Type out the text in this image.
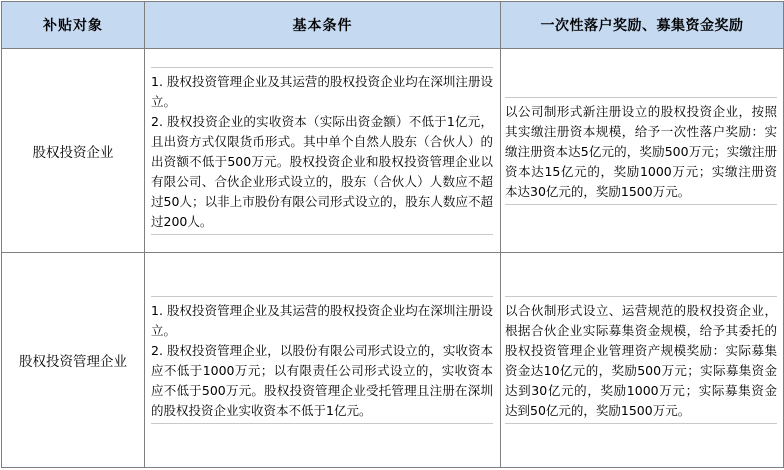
补贴对象	基本条件	一次性落户奖励、募集资金奖励
股权投资企业	1. 股权投资管理企业及其运营的股权投资企业均在深圳注册设立。
2. 股权投资企业的实收资本（实际出资金额）不低于1亿元，且出资方式仅限货币形式。其中单个自然人股东（合伙人）的出资额不低于500万元。股权投资企业和股权投资管理企业以有限公司、合伙企业形式设立的，股东（合伙人）人数应不超过50人；以非上市股份有限公司形式设立的，股东人数应不超过200人。	以公司制形式新注册设立的股权投资企业，按照其实缴注册资本规模，给予一次性落户奖励：实缴注册资本达5亿元的，奖励500万元；实缴注册资本达15亿元的，奖励1000万元；实缴注册资本达30亿元的，奖励1500万元。

股权投资管理企业	1. 股权投资管理企业及其运营的股权投资企业均在深圳注册设立。
2. 股权投资管理企业，以股份有限公司形式设立的，实收资本应不低于1000万元；以有限责任公司形式设立的，实收资本应不低于500万元。股权投资管理企业受托管理且注册在深圳的股权投资企业实收资本不低于1亿元。	以合伙制形式设立、运营规范的股权投资企业，根据合伙企业实际募集资金规模，给予其委托的股权投资管理企业管理资产规模奖励：实际募集资金达10亿元的，奖励500万元；实际募集资金达到30亿元的，奖励1000万元；实际募集资金达到50亿元的，奖励1500万元。
